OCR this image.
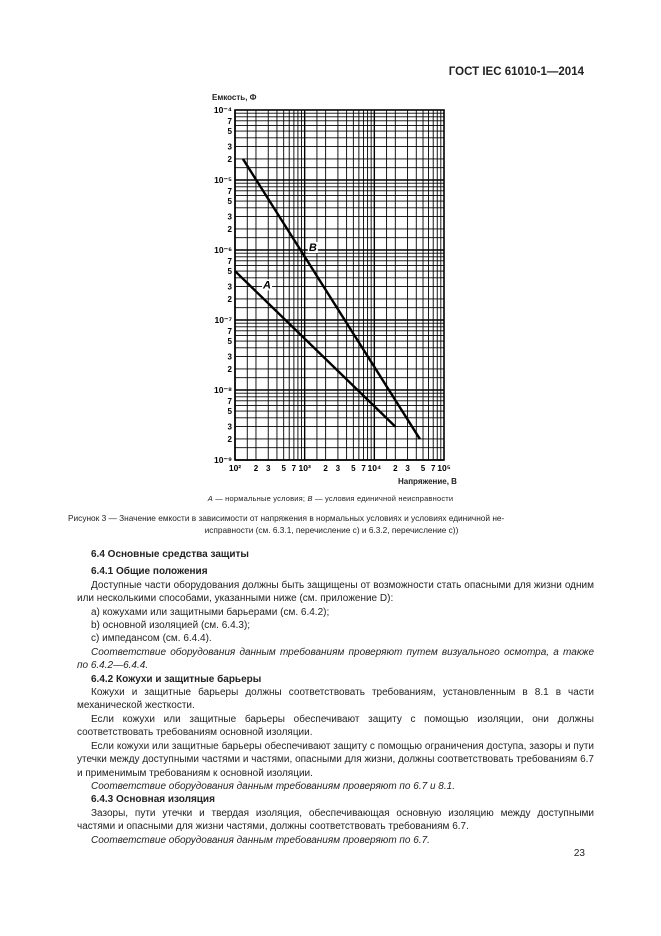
ГОСТ IEC 61010-1—2014
10⁻⁴
7
5
3
2
10⁻⁵
7
5
3
2
10⁻⁶
7
5
3
2
10⁻⁷
7
5
3
2
10⁻⁸
7
5
3
2
10⁻⁹
10² 2 3 5 7 10³ 2 3 5 7 10⁴ 2 3 5 7 10⁵
A
B
Емкость, Ф
Напряжение, В
A — нормальные условия; B — условия единичной неисправности
Рисунок 3 — Значение емкости в зависимости от напряжения в нормальных условиях и условиях единичной не-
исправности (см. 6.3.1, перечисление с) и 6.3.2, перечисление с))

6.4 Основные средства защиты

6.4.1 Общие положения

Доступные части оборудования должны быть защищены от возможности стать опасными для жизни одним или несколькими способами, указанными ниже (см. приложение D):

a) кожухами или защитными барьерами (см. 6.4.2);

b) основной изоляцией (см. 6.4.3);

c) импедансом (см. 6.4.4).

Соответствие оборудования данным требованиям проверяют путем визуального осмотра, а также по 6.4.2—6.4.4.

6.4.2 Кожухи и защитные барьеры

Кожухи и защитные барьеры должны соответствовать требованиям, установленным в 8.1 в части механической жесткости.

Если кожухи или защитные барьеры обеспечивают защиту с помощью изоляции, они должны соответствовать требованиям основной изоляции.

Если кожухи или защитные барьеры обеспечивают защиту с помощью ограничения доступа, зазоры и пути утечки между доступными частями и частями, опасными для жизни, должны соответствовать требованиям 6.7 и применимым требованиям к основной изоляции.

Соответствие оборудования данным требованиям проверяют по 6.7 и 8.1.

6.4.3 Основная изоляция

Зазоры, пути утечки и твердая изоляция, обеспечивающая основную изоляцию между доступными частями и опасными для жизни частями, должны соответствовать требованиям 6.7.

Соответствие оборудования данным требованиям проверяют по 6.7.

23
